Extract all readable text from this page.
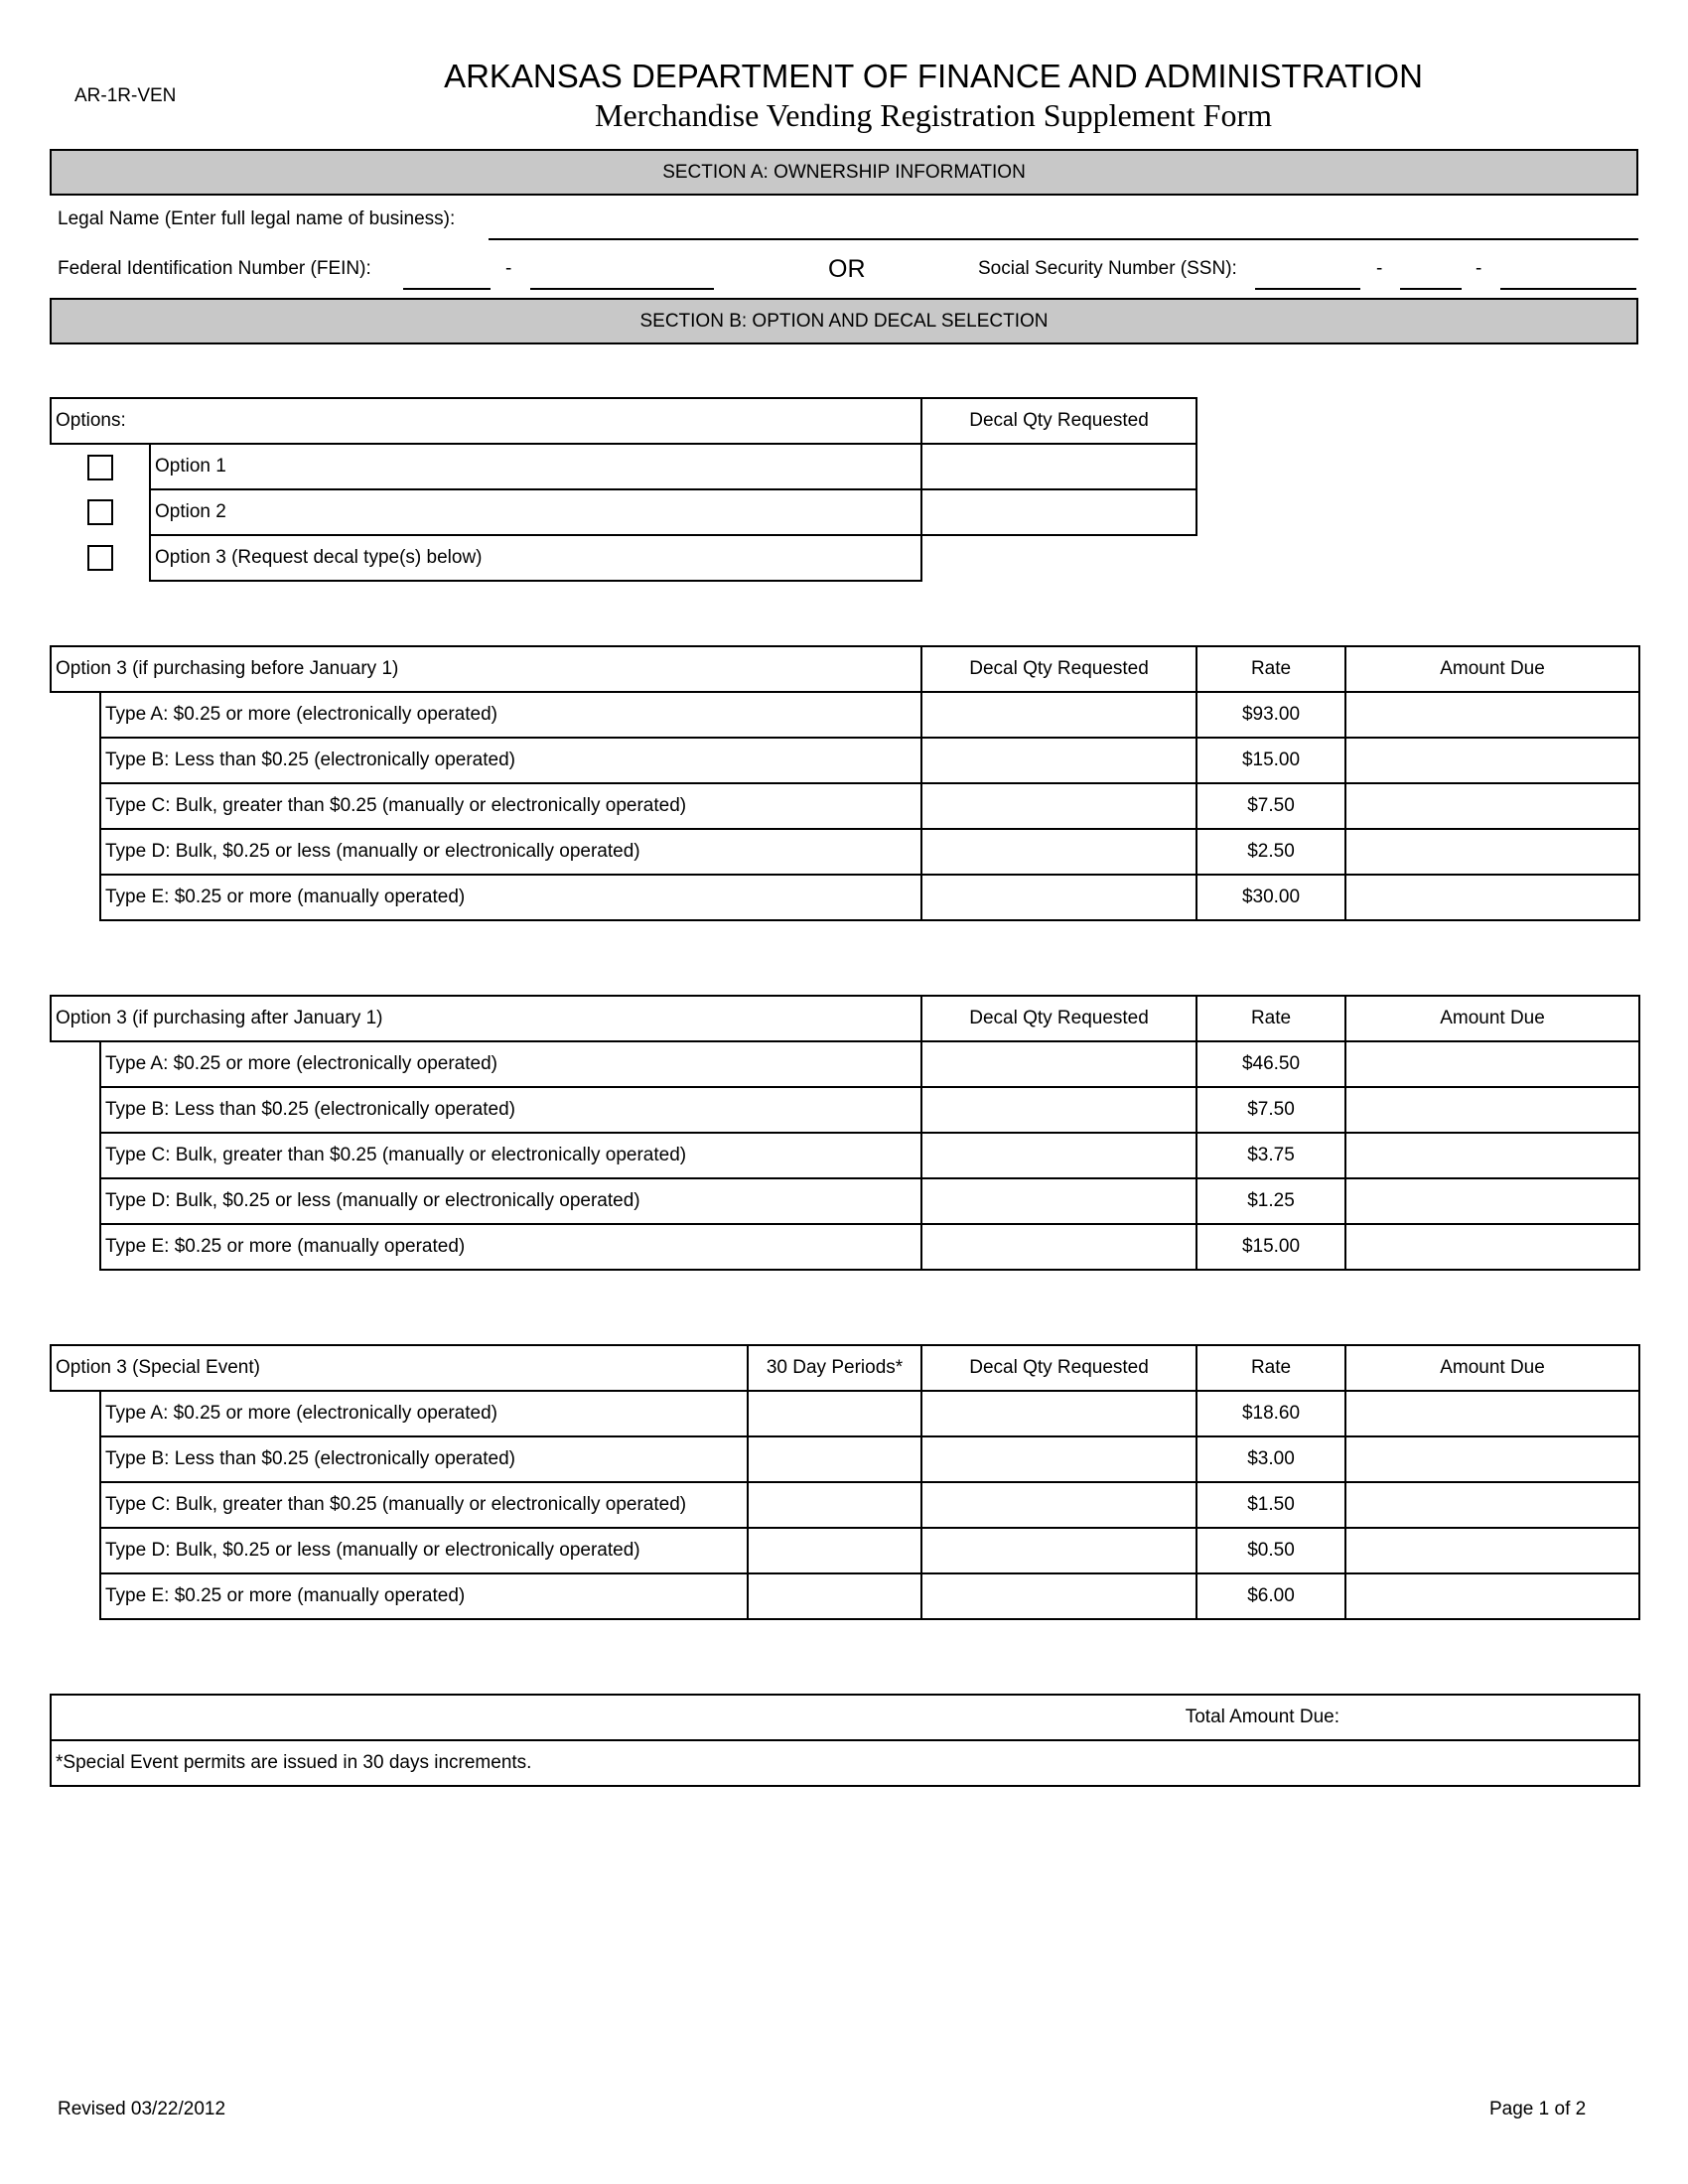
AR-1R-VEN
ARKANSAS DEPARTMENT OF FINANCE AND ADMINISTRATION
Merchandise Vending Registration Supplement Form
SECTION A: OWNERSHIP INFORMATION
Legal Name (Enter full legal name of business):
Federal Identification Number (FEIN):	-	OR	Social Security Number (SSN):	-	-
SECTION B: OPTION AND DECAL SELECTION
Options:		Decal Qty Requested
	Option 1	
	Option 2	
	Option 3 (Request decal type(s) below)	
Option 3 (if purchasing before January 1)		Decal Qty Requested	Rate	Amount Due
	Type A: $0.25 or more (electronically operated)		$93.00	
	Type B: Less than $0.25 (electronically operated)		$15.00	
	Type C: Bulk, greater than $0.25 (manually or electronically operated)		$7.50	
	Type D: Bulk, $0.25 or less (manually or electronically operated)		$2.50	
	Type E: $0.25 or more (manually operated)		$30.00	
Option 3 (if purchasing after January 1)		Decal Qty Requested	Rate	Amount Due
	Type A: $0.25 or more (electronically operated)		$46.50	
	Type B: Less than $0.25 (electronically operated)		$7.50	
	Type C: Bulk, greater than $0.25 (manually or electronically operated)		$3.75	
	Type D: Bulk, $0.25 or less (manually or electronically operated)		$1.25	
	Type E: $0.25 or more (manually operated)		$15.00	
Option 3 (Special Event)		30 Day Periods*	Decal Qty Requested	Rate	Amount Due
	Type A: $0.25 or more (electronically operated)			$18.60	
	Type B: Less than $0.25 (electronically operated)			$3.00	
	Type C: Bulk, greater than $0.25 (manually or electronically operated)			$1.50	
	Type D: Bulk, $0.25 or less (manually or electronically operated)			$0.50	
	Type E: $0.25 or more (manually operated)			$6.00	
Total Amount Due:	
*Special Event permits are issued in 30 days increments.
Revised 03/22/2012	Page 1 of 2
